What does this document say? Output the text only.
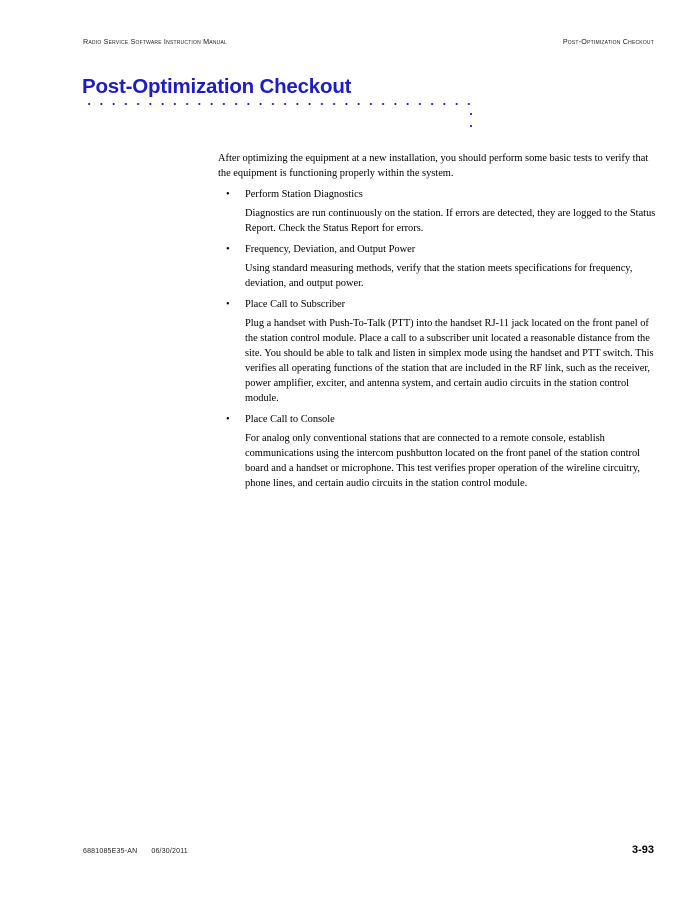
Radio Service Software Instruction Manual	Post-Optimization Checkout
Post-Optimization Checkout

After optimizing the equipment at a new installation, you should perform some basic tests to verify that the equipment is functioning properly within the system.

• Perform Station Diagnostics
Diagnostics are run continuously on the station. If errors are detected, they are logged to the Status Report. Check the Status Report for errors.
• Frequency, Deviation, and Output Power
Using standard measuring methods, verify that the station meets specifications for frequency, deviation, and output power.
• Place Call to Subscriber
Plug a handset with Push-To-Talk (PTT) into the handset RJ-11 jack located on the front panel of the station control module. Place a call to a subscriber unit located a reasonable distance from the site. You should be able to talk and listen in simplex mode using the handset and PTT switch. This verifies all operating functions of the station that are included in the RF link, such as the receiver, power amplifier, exciter, and antenna system, and certain audio circuits in the station control module.
• Place Call to Console
For analog only conventional stations that are connected to a remote console, establish communications using the intercom pushbutton located on the front panel of the station control board and a handset or microphone. This test verifies proper operation of the wireline circuitry, phone lines, and certain audio circuits in the station control module.
6881085E35-AN 06/30/2011	3-93
